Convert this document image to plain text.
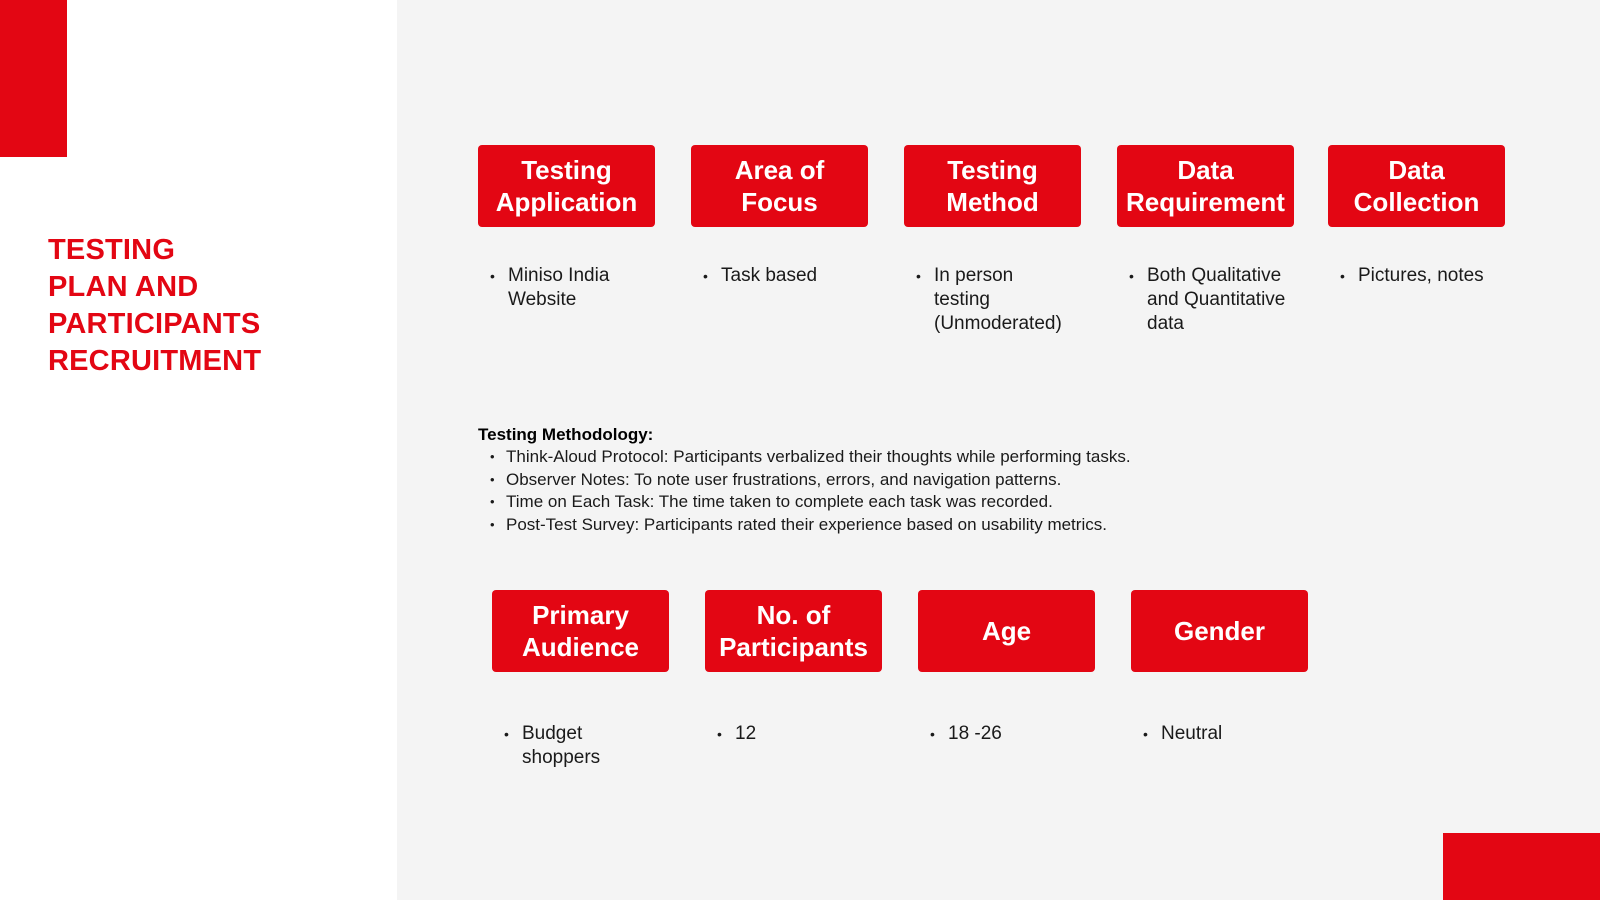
TESTING
PLAN AND
PARTICIPANTS
RECRUITMENT
Testing
Application
• Miniso India Website
Area of
Focus
• Task based
Testing
Method
• In person testing (Unmoderated)
Data
Requirement
• Both Qualitative and Quantitative data
Data
Collection
• Pictures, notes
Testing Methodology:
• Think-Aloud Protocol: Participants verbalized their thoughts while performing tasks.
• Observer Notes: To note user frustrations, errors, and navigation patterns.
• Time on Each Task: The time taken to complete each task was recorded.
• Post-Test Survey: Participants rated their experience based on usability metrics.
Primary
Audience
• Budget shoppers
No. of
Participants
• 12
Age
• 18 -26
Gender
• Neutral
